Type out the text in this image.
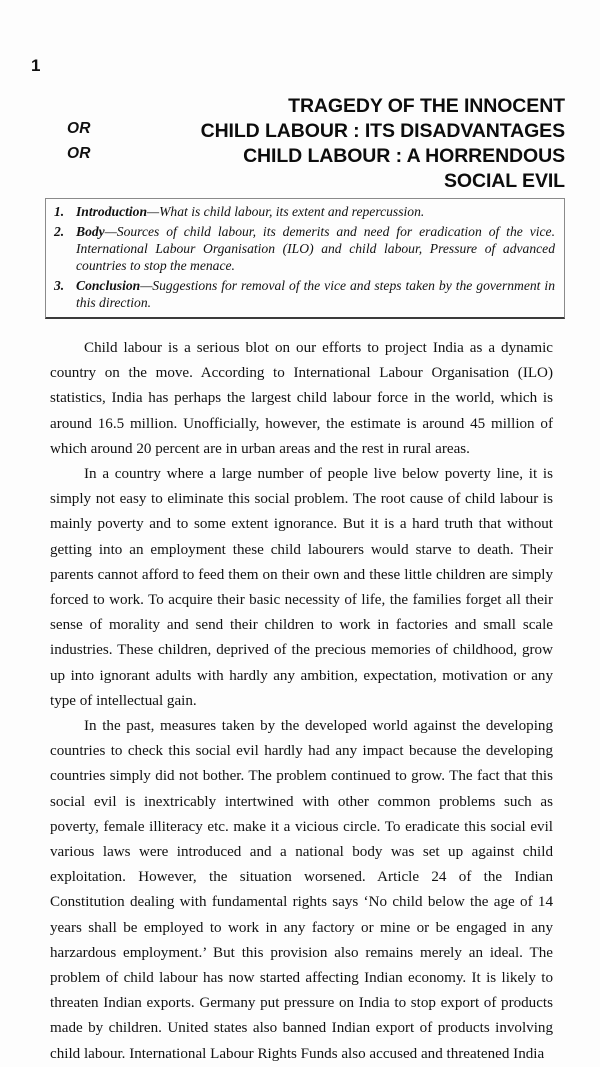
1
TRAGEDY OF THE INNOCENT
OR	CHILD LABOUR : ITS DISADVANTAGES
OR	CHILD LABOUR : A HORRENDOUS
SOCIAL EVIL
1. Introduction—What is child labour, its extent and repercussion.
2. Body—Sources of child labour, its demerits and need for eradication of the vice. International Labour Organisation (ILO) and child labour, Pressure of advanced countries to stop the menace.
3. Conclusion—Suggestions for removal of the vice and steps taken by the government in this direction.

Child labour is a serious blot on our efforts to project India as a dynamic country on the move. According to International Labour Organisation (ILO) statistics, India has perhaps the largest child labour force in the world, which is around 16.5 million. Unofficially, however, the estimate is around 45 million of which around 20 percent are in urban areas and the rest in rural areas.

In a country where a large number of people live below poverty line, it is simply not easy to eliminate this social problem. The root cause of child labour is mainly poverty and to some extent ignorance. But it is a hard truth that without getting into an employment these child labourers would starve to death. Their parents cannot afford to feed them on their own and these little children are simply forced to work. To acquire their basic necessity of life, the families forget all their sense of morality and send their children to work in factories and small scale industries. These children, deprived of the precious memories of childhood, grow up into ignorant adults with hardly any ambition, expectation, motivation or any type of intellectual gain.

In the past, measures taken by the developed world against the developing countries to check this social evil hardly had any impact because the developing countries simply did not bother. The problem continued to grow. The fact that this social evil is inextricably intertwined with other common problems such as poverty, female illiteracy etc. make it a vicious circle. To eradicate this social evil various laws were introduced and a national body was set up against child exploitation. However, the situation worsened. Article 24 of the Indian Constitution dealing with fundamental rights says ‘No child below the age of 14 years shall be employed to work in any factory or mine or be engaged in any harzardous employment.’ But this provision also remains merely an ideal. The problem of child labour has now started affecting Indian economy. It is likely to threaten Indian exports. Germany put pressure on India to stop export of products made by children. United states also banned Indian export of products involving child labour. International Labour Rights Funds also accused and threatened India
